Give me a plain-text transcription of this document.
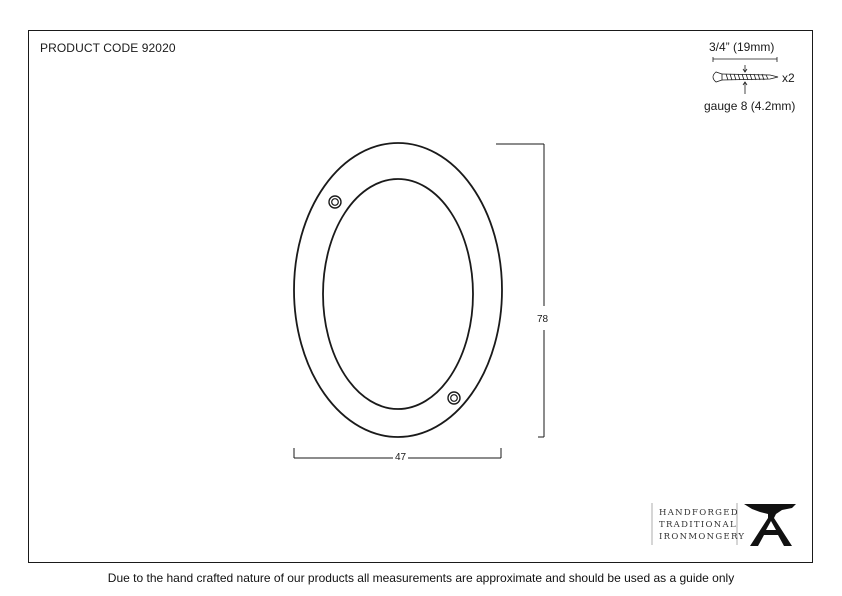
PRODUCT CODE 92020	3/4” (19mm)
x2
gauge 8 (4.2mm)
78
47
HANDFORGED
TRADITIONAL
IRONMONGERY
Due to the hand crafted nature of our products all measurements are approximate and should be used as a guide only
